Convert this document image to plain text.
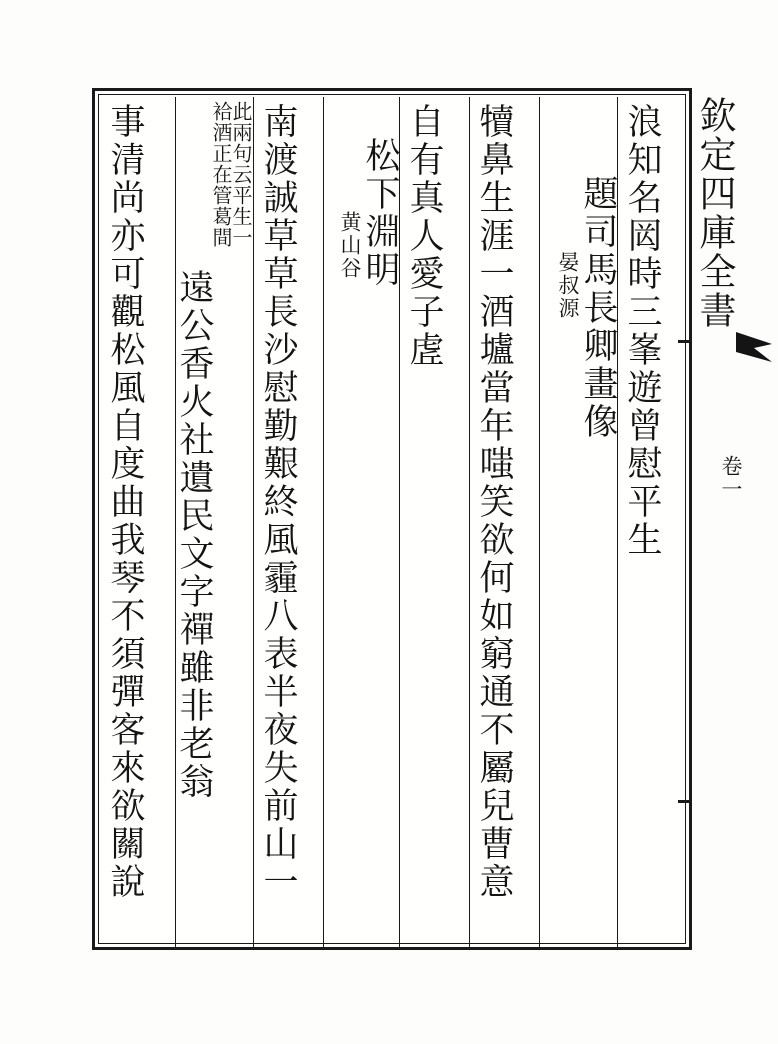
欽定四庫全書
卷一
浪知名㒺時三峯遊曾慰平生
題司馬長卿畫像
晏叔源
犢鼻生涯一酒壚當年嗤笑欲何如窮通不屬兒曹意
自有真人愛子虗
松下淵明
黄山谷
南渡誠草草長沙慰勤艱終風霾八表半夜失前山一
此兩句云平生一
袷酒正在管葛間
遠公香火社遺民文字禪雖非老翁
事清尚亦可觀松風自度曲我琴不須彈客來欲關說
